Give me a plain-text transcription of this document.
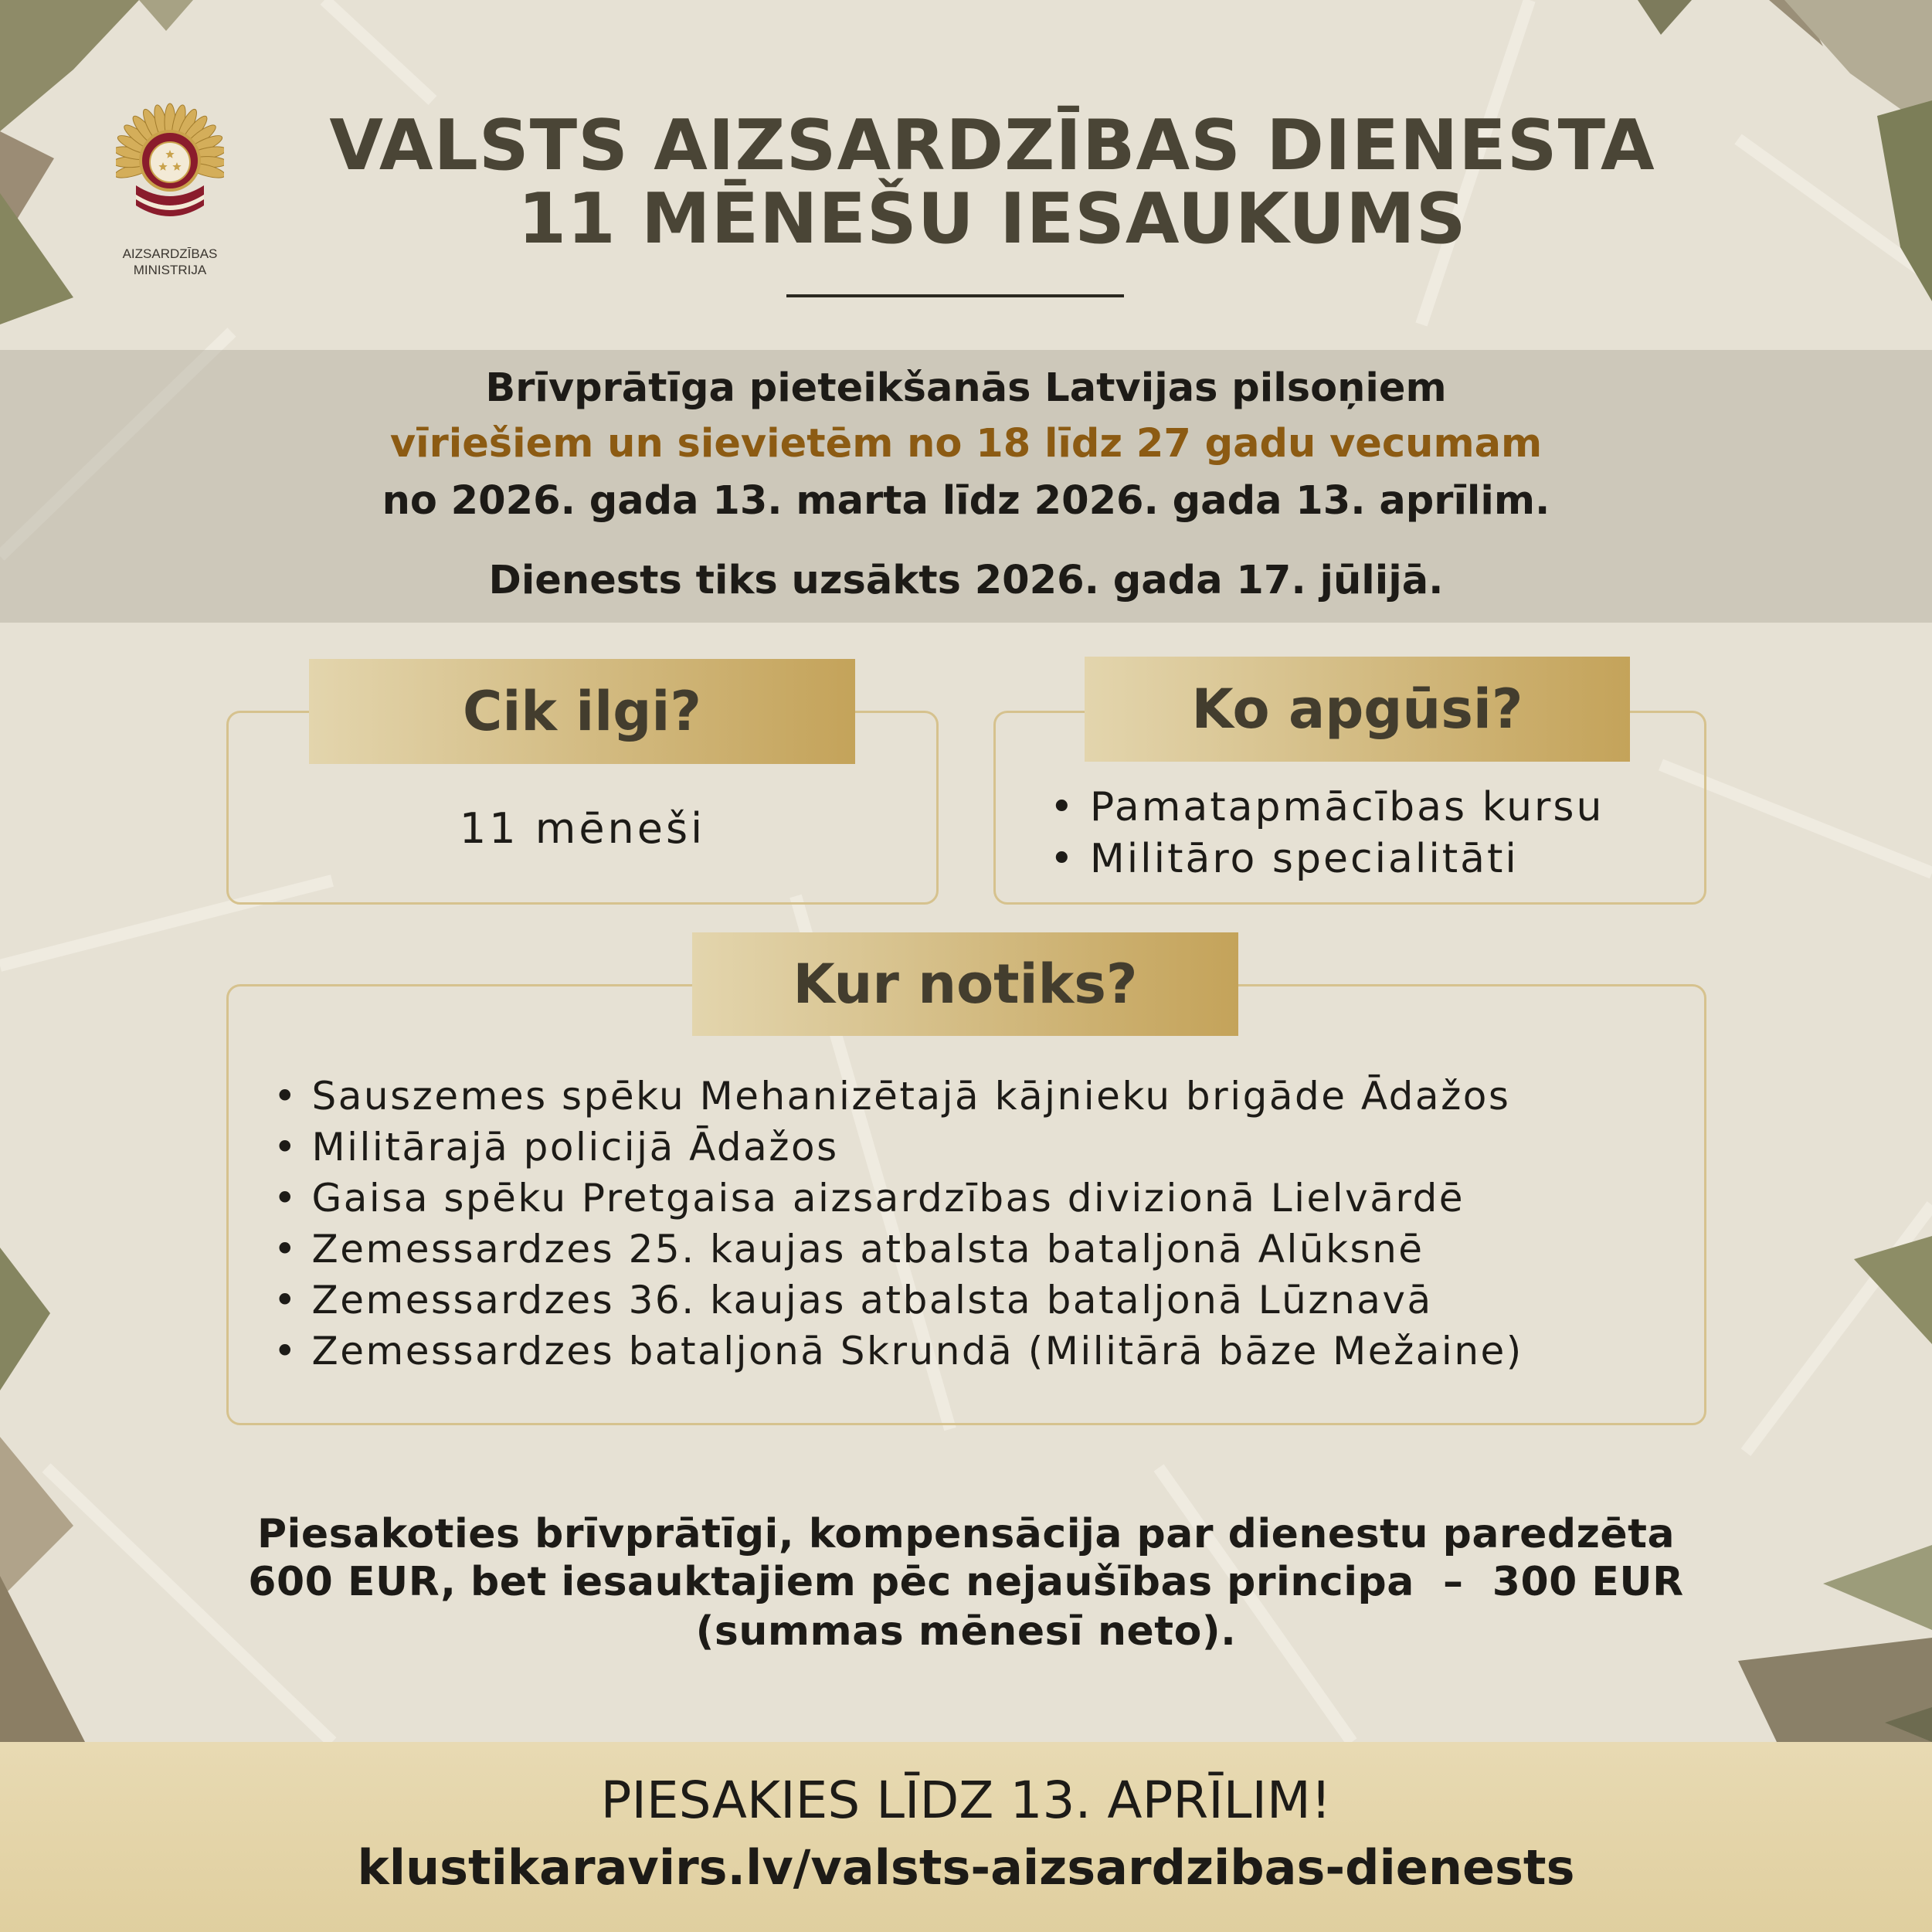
AIZSARDZĪBAS
MINISTRIJA
VALSTS AIZSARDZĪBAS DIENESTA
11 MĒNEŠU IESAUKUMS
Brīvprātīga pieteikšanās Latvijas pilsoņiem
vīriešiem un sievietēm no 18 līdz 27 gadu vecumam
no 2026. gada 13. marta līdz 2026. gada 13. aprīlim.
Dienests tiks uzsākts 2026. gada 17. jūlijā.
Cik ilgi?
11 mēneši
Ko apgūsi?
• Pamatapmācības kursu
• Militāro specialitāti
Kur notiks?
• Sauszemes spēku Mehanizētajā kājnieku brigāde Ādažos
• Militārajā policijā Ādažos
• Gaisa spēku Pretgaisa aizsardzības divizionā Lielvārdē
• Zemessardzes 25. kaujas atbalsta bataljonā Alūksnē
• Zemessardzes 36. kaujas atbalsta bataljonā Lūznavā
• Zemessardzes bataljonā Skrundā (Militārā bāze Mežaine)
Piesakoties brīvprātīgi, kompensācija par dienestu paredzēta
600 EUR, bet iesauktajiem pēc nejaušības principa  –  300 EUR
(summas mēnesī neto).
PIESAKIES LĪDZ 13. APRĪLIM!
klustikaravirs.lv/valsts-aizsardzibas-dienests
